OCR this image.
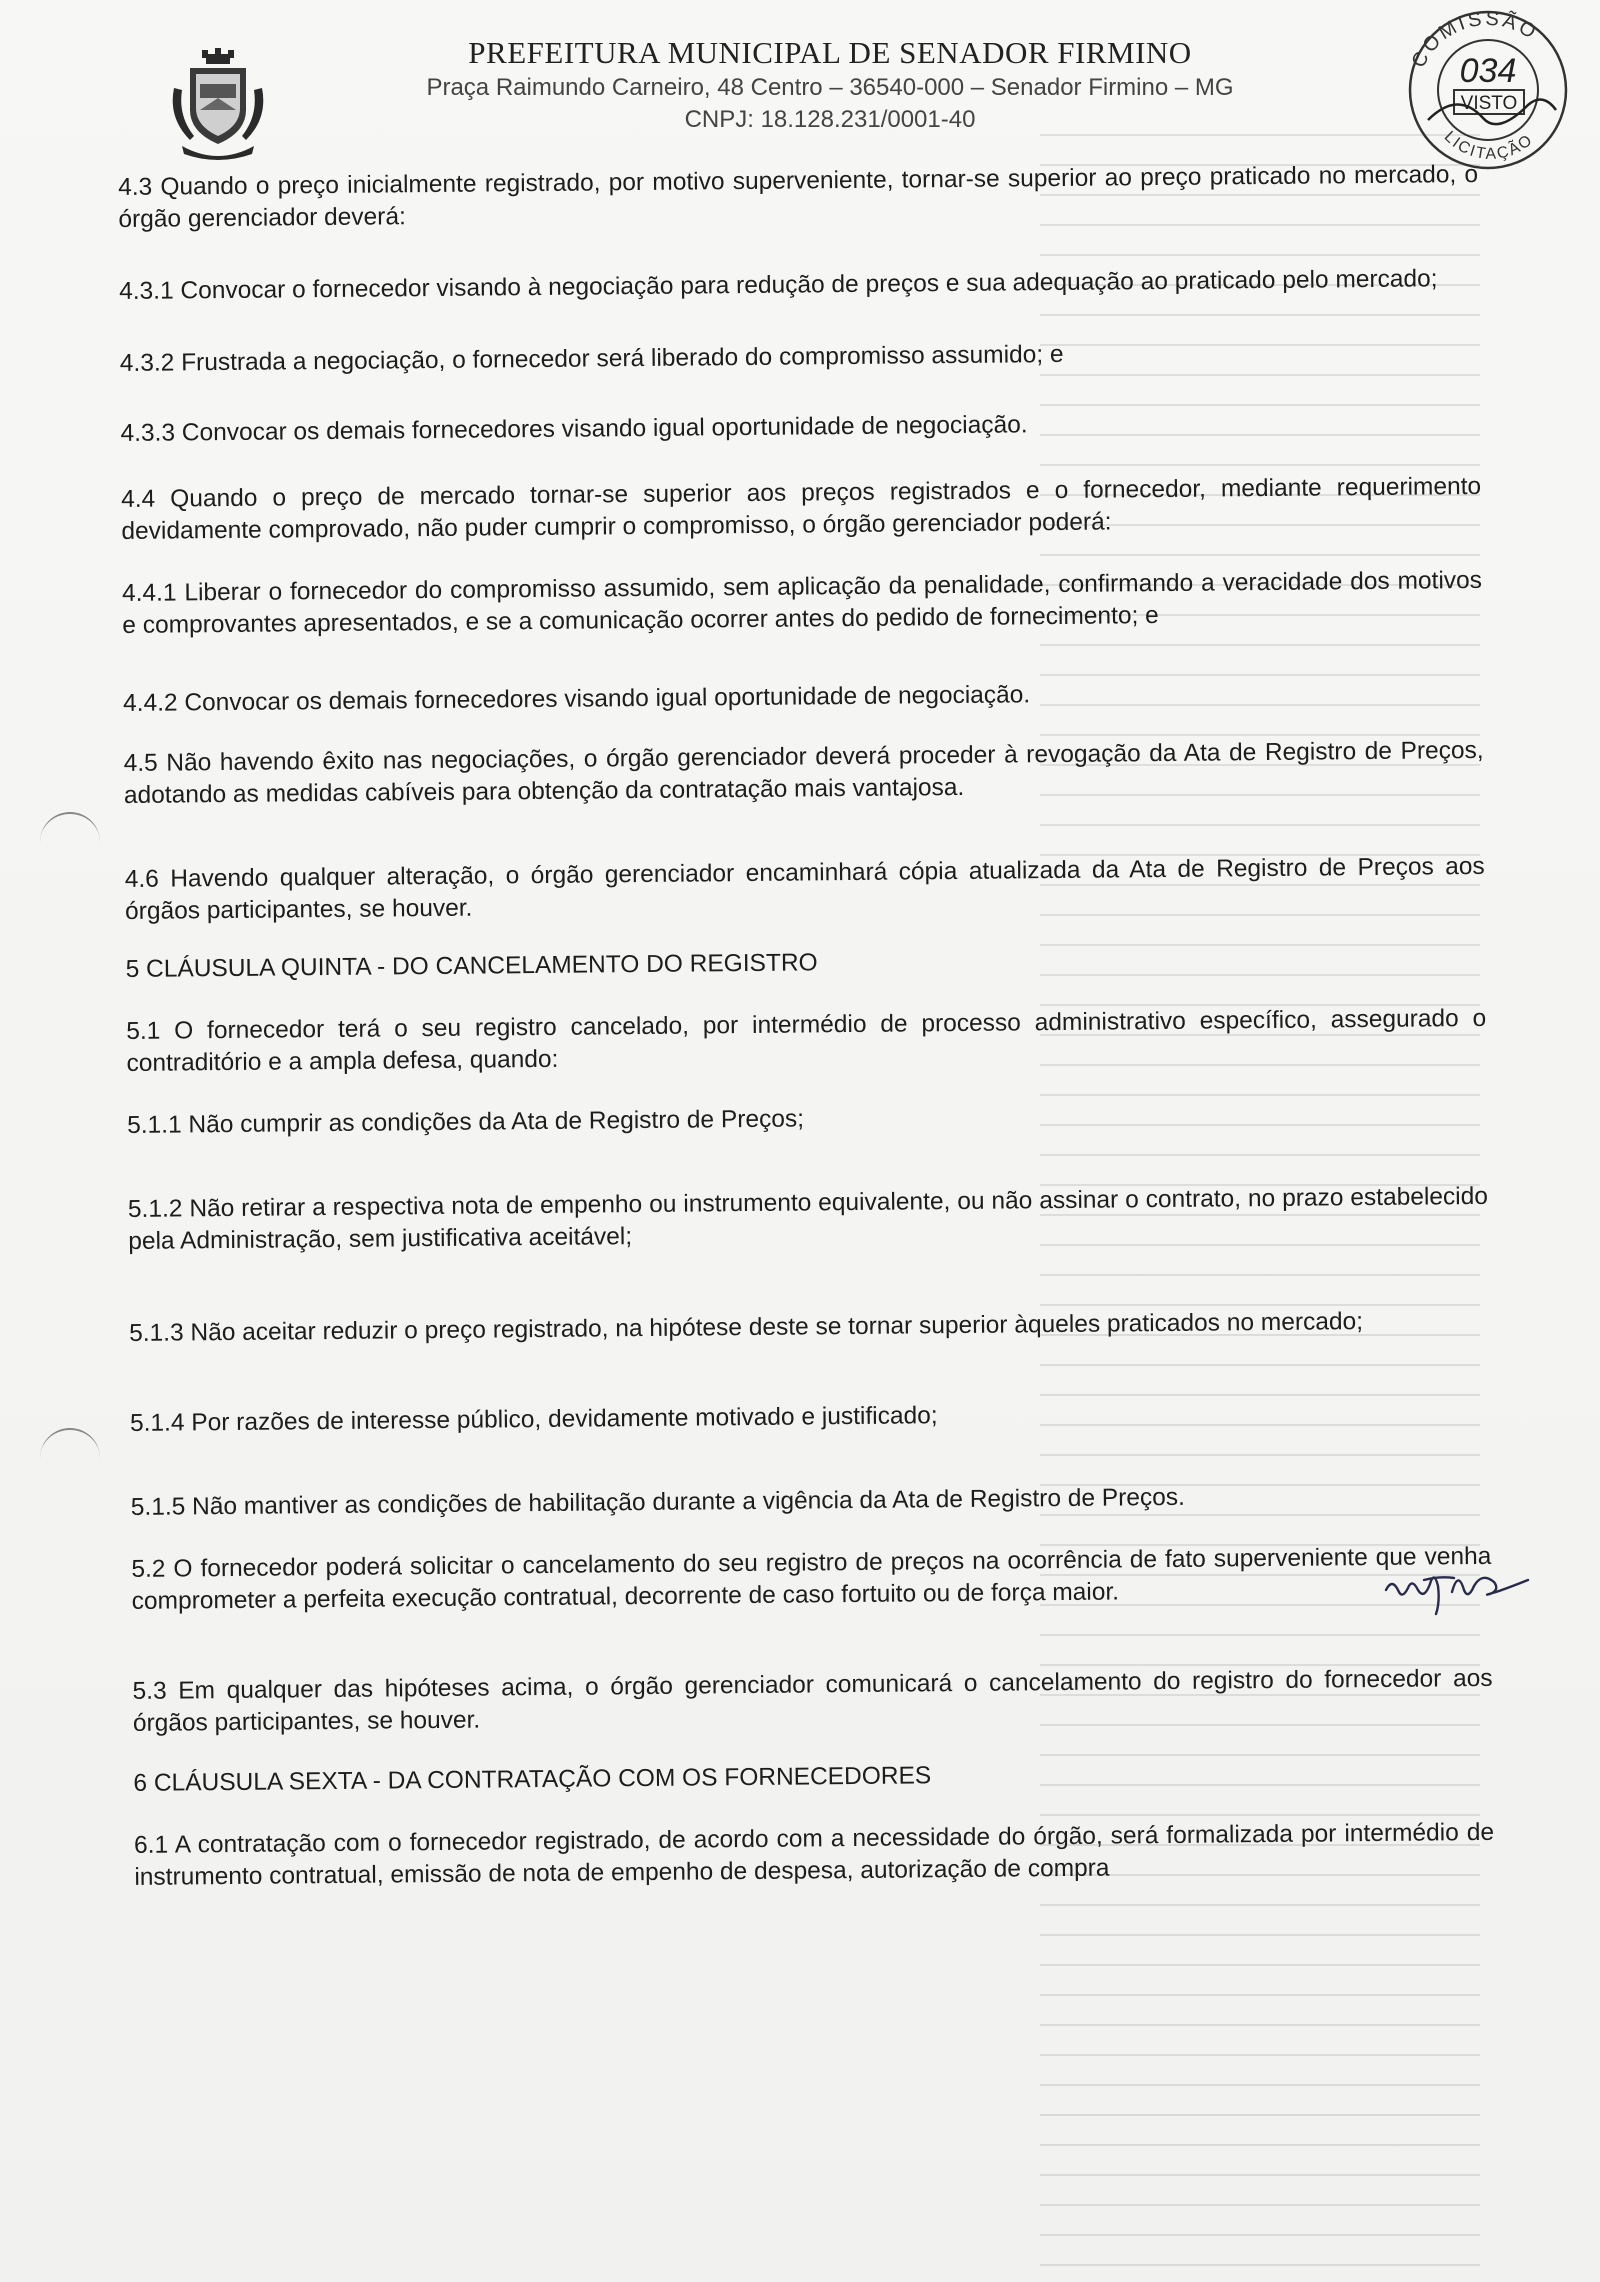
PREFEITURA MUNICIPAL DE SENADOR FIRMINO

Praça Raimundo Carneiro, 48 Centro – 36540-000 – Senador Firmino – MG

CNPJ: 18.128.231/0001-40

COMISSÃO
LICITAÇÃO
034
VISTO

4.3 Quando o preço inicialmente registrado, por motivo superveniente, tornar-se superior ao preço praticado no mercado, o órgão gerenciador deverá:

4.3.1 Convocar o fornecedor visando à negociação para redução de preços e sua adequação ao praticado pelo mercado;

4.3.2 Frustrada a negociação, o fornecedor será liberado do compromisso assumido; e

4.3.3 Convocar os demais fornecedores visando igual oportunidade de negociação.

4.4 Quando o preço de mercado tornar-se superior aos preços registrados e o fornecedor, mediante requerimento devidamente comprovado, não puder cumprir o compromisso, o órgão gerenciador poderá:

4.4.1 Liberar o fornecedor do compromisso assumido, sem aplicação da penalidade, confirmando a veracidade dos motivos e comprovantes apresentados, e se a comunicação ocorrer antes do pedido de fornecimento; e

4.4.2 Convocar os demais fornecedores visando igual oportunidade de negociação.

4.5 Não havendo êxito nas negociações, o órgão gerenciador deverá proceder à revogação da Ata de Registro de Preços, adotando as medidas cabíveis para obtenção da contratação mais vantajosa.

4.6 Havendo qualquer alteração, o órgão gerenciador encaminhará cópia atualizada da Ata de Registro de Preços aos órgãos participantes, se houver.

5 CLÁUSULA QUINTA - DO CANCELAMENTO DO REGISTRO

5.1 O fornecedor terá o seu registro cancelado, por intermédio de processo administrativo específico, assegurado o contraditório e a ampla defesa, quando:

5.1.1 Não cumprir as condições da Ata de Registro de Preços;

5.1.2 Não retirar a respectiva nota de empenho ou instrumento equivalente, ou não assinar o contrato, no prazo estabelecido pela Administração, sem justificativa aceitável;

5.1.3 Não aceitar reduzir o preço registrado, na hipótese deste se tornar superior àqueles praticados no mercado;

5.1.4 Por razões de interesse público, devidamente motivado e justificado;

5.1.5 Não mantiver as condições de habilitação durante a vigência da Ata de Registro de Preços.

5.2 O fornecedor poderá solicitar o cancelamento do seu registro de preços na ocorrência de fato superveniente que venha comprometer a perfeita execução contratual, decorrente de caso fortuito ou de força maior.

5.3 Em qualquer das hipóteses acima, o órgão gerenciador comunicará o cancelamento do registro do fornecedor aos órgãos participantes, se houver.

6 CLÁUSULA SEXTA - DA CONTRATAÇÃO COM OS FORNECEDORES

6.1 A contratação com o fornecedor registrado, de acordo com a necessidade do órgão, será formalizada por intermédio de instrumento contratual, emissão de nota de empenho de despesa, autorização de compra
